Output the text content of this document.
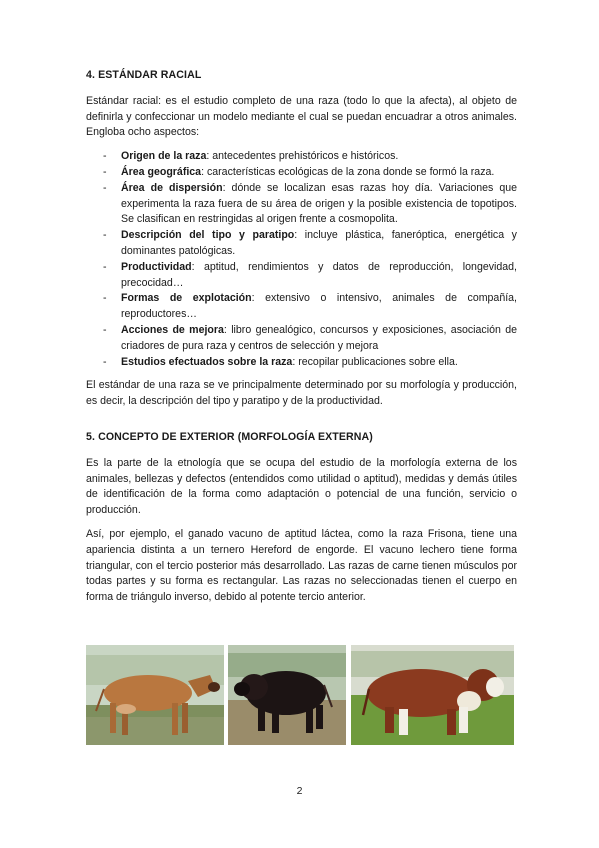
4. ESTÁNDAR RACIAL

Estándar racial: es el estudio completo de una raza (todo lo que la afecta), al objeto de definirla y confeccionar un modelo mediante el cual se puedan encuadrar a otros animales. Engloba ocho aspectos:

- Origen de la raza: antecedentes prehistóricos e históricos.
- Área geográfica: características ecológicas de la zona donde se formó la raza.
- Área de dispersión: dónde se localizan esas razas hoy día. Variaciones que experimenta la raza fuera de su área de origen y la posible existencia de topotipos. Se clasifican en restringidas al origen frente a cosmopolita.
- Descripción del tipo y paratipo: incluye plástica, faneróptica, energética y dominantes patológicas.
- Productividad: aptitud, rendimientos y datos de reproducción, longevidad, precocidad…
- Formas de explotación: extensivo o intensivo, animales de compañía, reproductores…
- Acciones de mejora: libro genealógico, concursos y exposiciones, asociación de criadores de pura raza y centros de selección y mejora
- Estudios efectuados sobre la raza: recopilar publicaciones sobre ella.

El estándar de una raza se ve principalmente determinado por su morfología y producción, es decir, la descripción del tipo y paratipo y de la productividad.

5. CONCEPTO DE EXTERIOR (MORFOLOGÍA EXTERNA)

Es la parte de la etnología que se ocupa del estudio de la morfología externa de los animales, bellezas y defectos (entendidos como utilidad o aptitud), medidas y demás útiles de identificación de la forma como adaptación o potencial de una función, servicio o producción.

Así, por ejemplo, el ganado vacuno de aptitud láctea, como la raza Frisona, tiene una apariencia distinta a un ternero Hereford de engorde. El vacuno lechero tiene forma triangular, con el tercio posterior más desarrollado. Las razas de carne tienen músculos por todas partes y su forma es rectangular. Las razas no seleccionadas tienen el cuerpo en forma de triángulo inverso, debido al potente tercio anterior.

2
